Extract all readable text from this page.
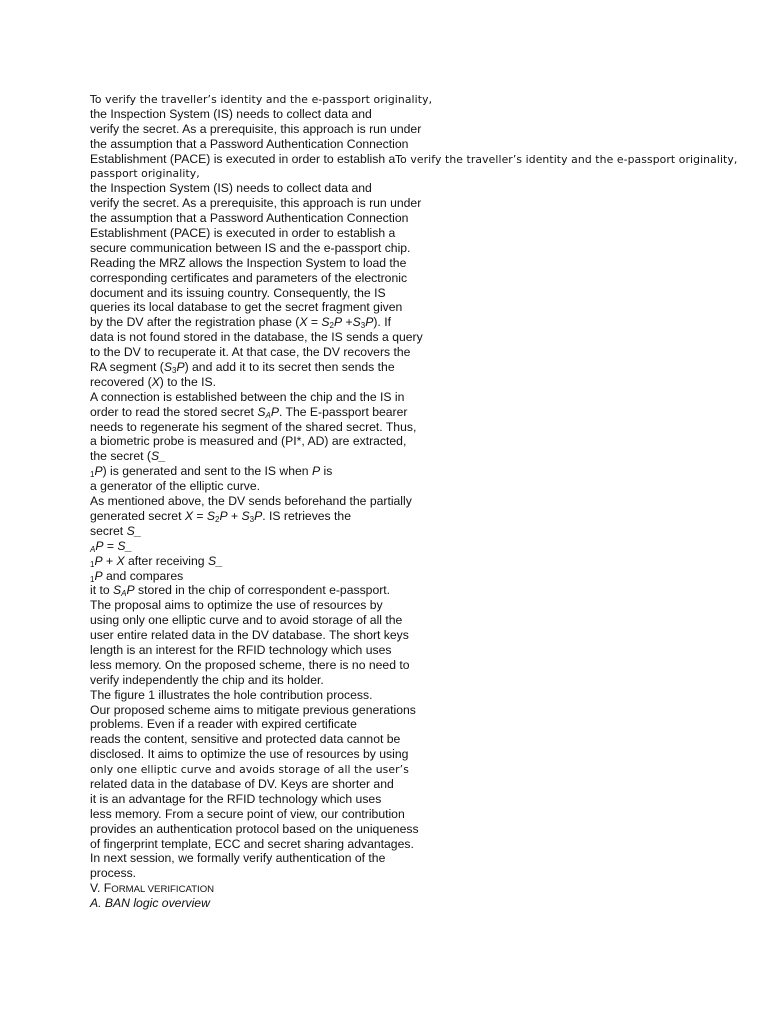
To verify the traveller’s identity and the e-passport originality,
the Inspection System (IS) needs to collect data and
verify the secret. As a prerequisite, this approach is run under
the assumption that a Password Authentication Connection
Establishment (PACE) is executed in order to establish aTo verify the traveller’s identity and the e-passport originality,
passport originality,
the Inspection System (IS) needs to collect data and
verify the secret. As a prerequisite, this approach is run under
the assumption that a Password Authentication Connection
Establishment (PACE) is executed in order to establish a
secure communication between IS and the e-passport chip.
Reading the MRZ allows the Inspection System to load the
corresponding certificates and parameters of the electronic
document and its issuing country. Consequently, the IS
queries its local database to get the secret fragment given
by the DV after the registration phase (X = S2P +S3P). If
data is not found stored in the database, the IS sends a query
to the DV to recuperate it. At that case, the DV recovers the
RA segment (S3P) and add it to its secret then sends the
recovered (X) to the IS.
A connection is established between the chip and the IS in
order to read the stored secret SAP. The E-passport bearer
needs to regenerate his segment of the shared secret. Thus,
a biometric probe is measured and (PI*, AD) are extracted,
the secret (S_
1P) is generated and sent to the IS when P is
a generator of the elliptic curve.
As mentioned above, the DV sends beforehand the partially
generated secret X = S2P + S3P. IS retrieves the
secret S_
AP = S_
1P + X after receiving S_
1P and compares
it to SAP stored in the chip of correspondent e-passport.
The proposal aims to optimize the use of resources by
using only one elliptic curve and to avoid storage of all the
user entire related data in the DV database. The short keys
length is an interest for the RFID technology which uses
less memory. On the proposed scheme, there is no need to
verify independently the chip and its holder.
The figure 1 illustrates the hole contribution process.
Our proposed scheme aims to mitigate previous generations
problems. Even if a reader with expired certificate
reads the content, sensitive and protected data cannot be
disclosed. It aims to optimize the use of resources by using
only one elliptic curve and avoids storage of all the user’s
related data in the database of DV. Keys are shorter and
it is an advantage for the RFID technology which uses
less memory. From a secure point of view, our contribution
provides an authentication protocol based on the uniqueness
of fingerprint template, ECC and secret sharing advantages.
In next session, we formally verify authentication of the
process.
V. FORMAL VERIFICATION
A. BAN logic overview
